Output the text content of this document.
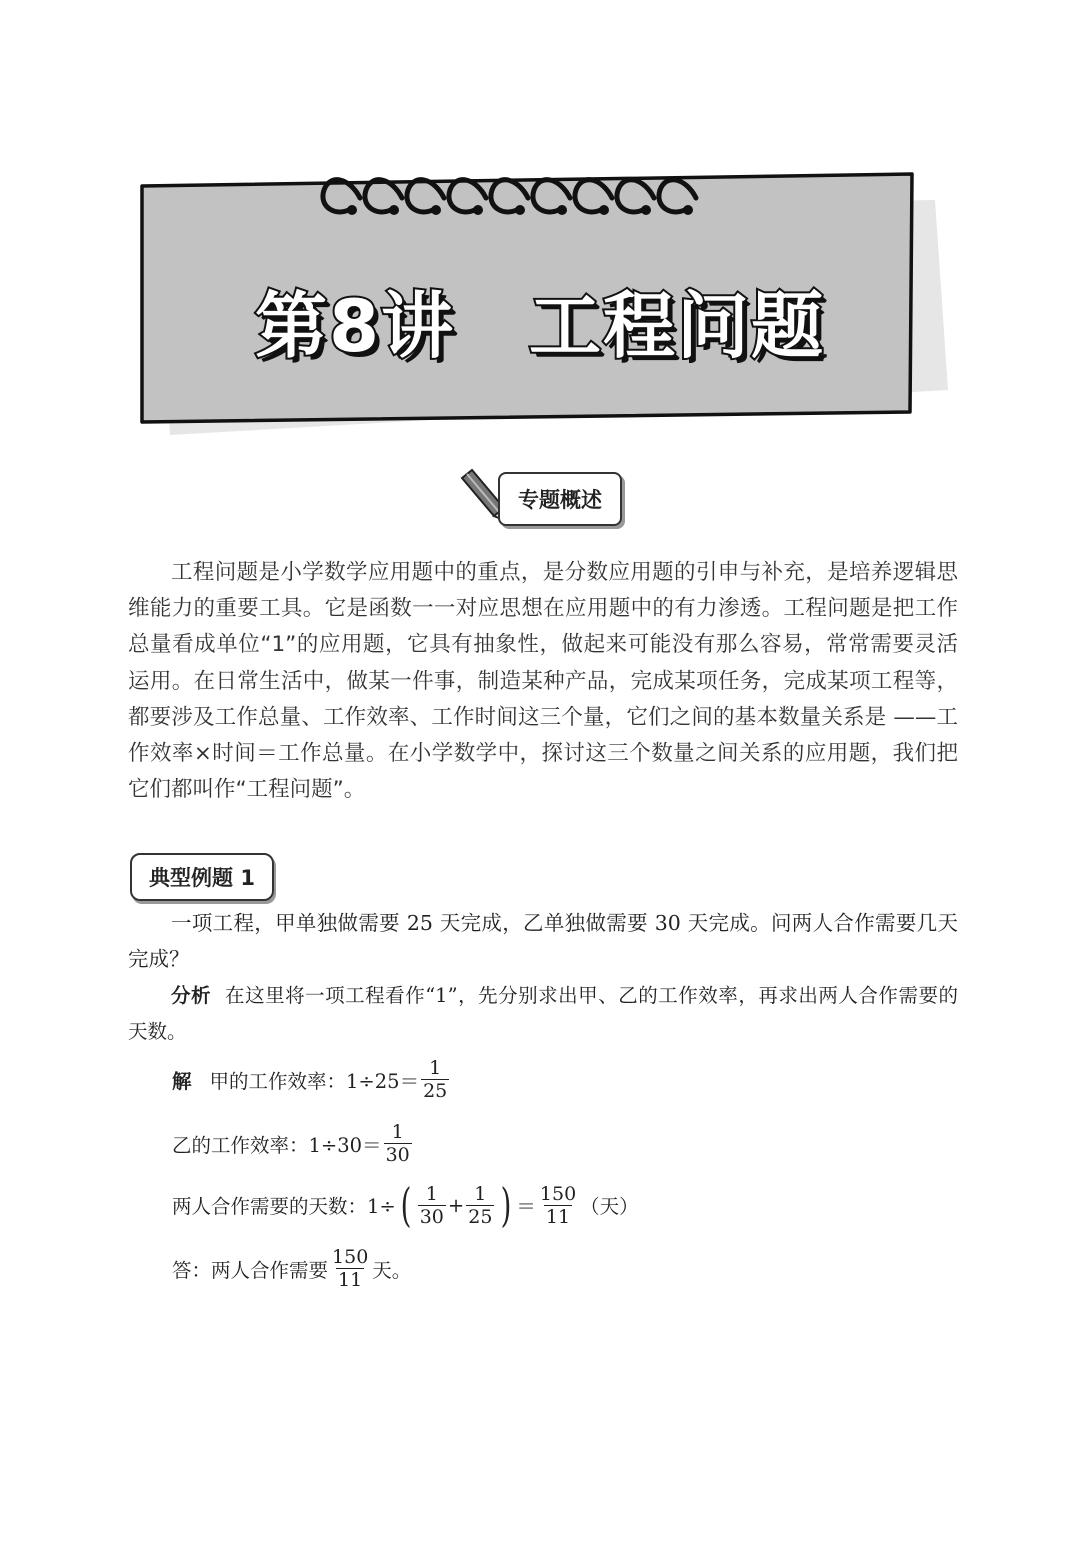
第8讲　工程问题
专题概述

工程问题是小学数学应用题中的重点，是分数应用题的引申与补充，是培养逻辑思维能力的重要工具。它是函数一一对应思想在应用题中的有力渗透。工程问题是把工作总量看成单位“1”的应用题，它具有抽象性，做起来可能没有那么容易，常常需要灵活运用。在日常生活中，做某一件事，制造某种产品，完成某项任务，完成某项工程等，都要涉及工作总量、工作效率、工作时间这三个量，它们之间的基本数量关系是 ——工作效率×时间＝工作总量。在小学数学中，探讨这三个数量之间关系的应用题，我们把它们都叫作“工程问题”。

典型例题 1

一项工程，甲单独做需要 25 天完成，乙单独做需要 30 天完成。问两人合作需要几天完成？

分析 在这里将一项工程看作“1”，先分别求出甲、乙的工作效率，再求出两人合作需要的天数。

解 甲的工作效率：$1\div 25= \frac{1}{25}$
乙的工作效率：$1\div 30= \frac{1}{30}$
两人合作需要的天数：1÷ ( $\frac{1}{30} + \frac{1}{25}$ ) ＝ $\frac{150}{11}$ （天）
答：两人合作需要 $\frac{150}{11}$ 天。
